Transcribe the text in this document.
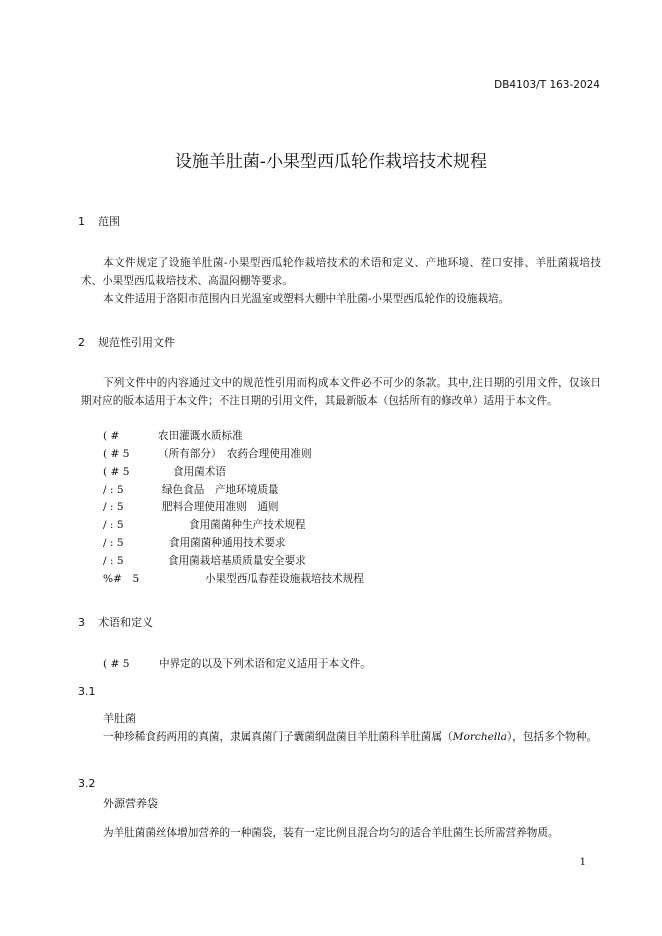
DB4103/T 163-2024
设施羊肚菌-小果型西瓜轮作栽培技术规程
1 范围
本文件规定了设施羊肚菌-小果型西瓜轮作栽培技术的术语和定义、产地环境、茬口安排、羊肚菌栽培技术、小果型西瓜栽培技术、高温闷棚等要求。
本文件适用于洛阳市范围内日光温室或塑料大棚中羊肚菌-小果型西瓜轮作的设施栽培。
2 规范性引用文件
下列文件中的内容通过文中的规范性引用而构成本文件必不可少的条款。其中,注日期的引用文件，仅该日期对应的版本适用于本文件；不注日期的引用文件，其最新版本（包括所有的修改单）适用于本文件。
( #	农田灌溉水质标准
( # 5	（所有部分）　农药合理使用准则
( # 5	食用菌术语
/ : 5	绿色食品　产地环境质量
/ : 5	肥料合理使用准则　通则
/ : 5	食用菌菌种生产技术规程
/ : 5	食用菌菌种通用技术要求
/ : 5	食用菌栽培基质质量安全要求
%#　5	小果型西瓜春茬设施栽培技术规程
3 术语和定义
( # 5	中界定的以及下列术语和定义适用于本文件。
3.1
羊肚菌
一种珍稀食药两用的真菌，隶属真菌门子囊菌纲盘菌目羊肚菌科羊肚菌属（Morchella），包括多个物种。
3.2
外源营养袋
为羊肚菌菌丝体增加营养的一种菌袋，装有一定比例且混合均匀的适合羊肚菌生长所需营养物质。
1
